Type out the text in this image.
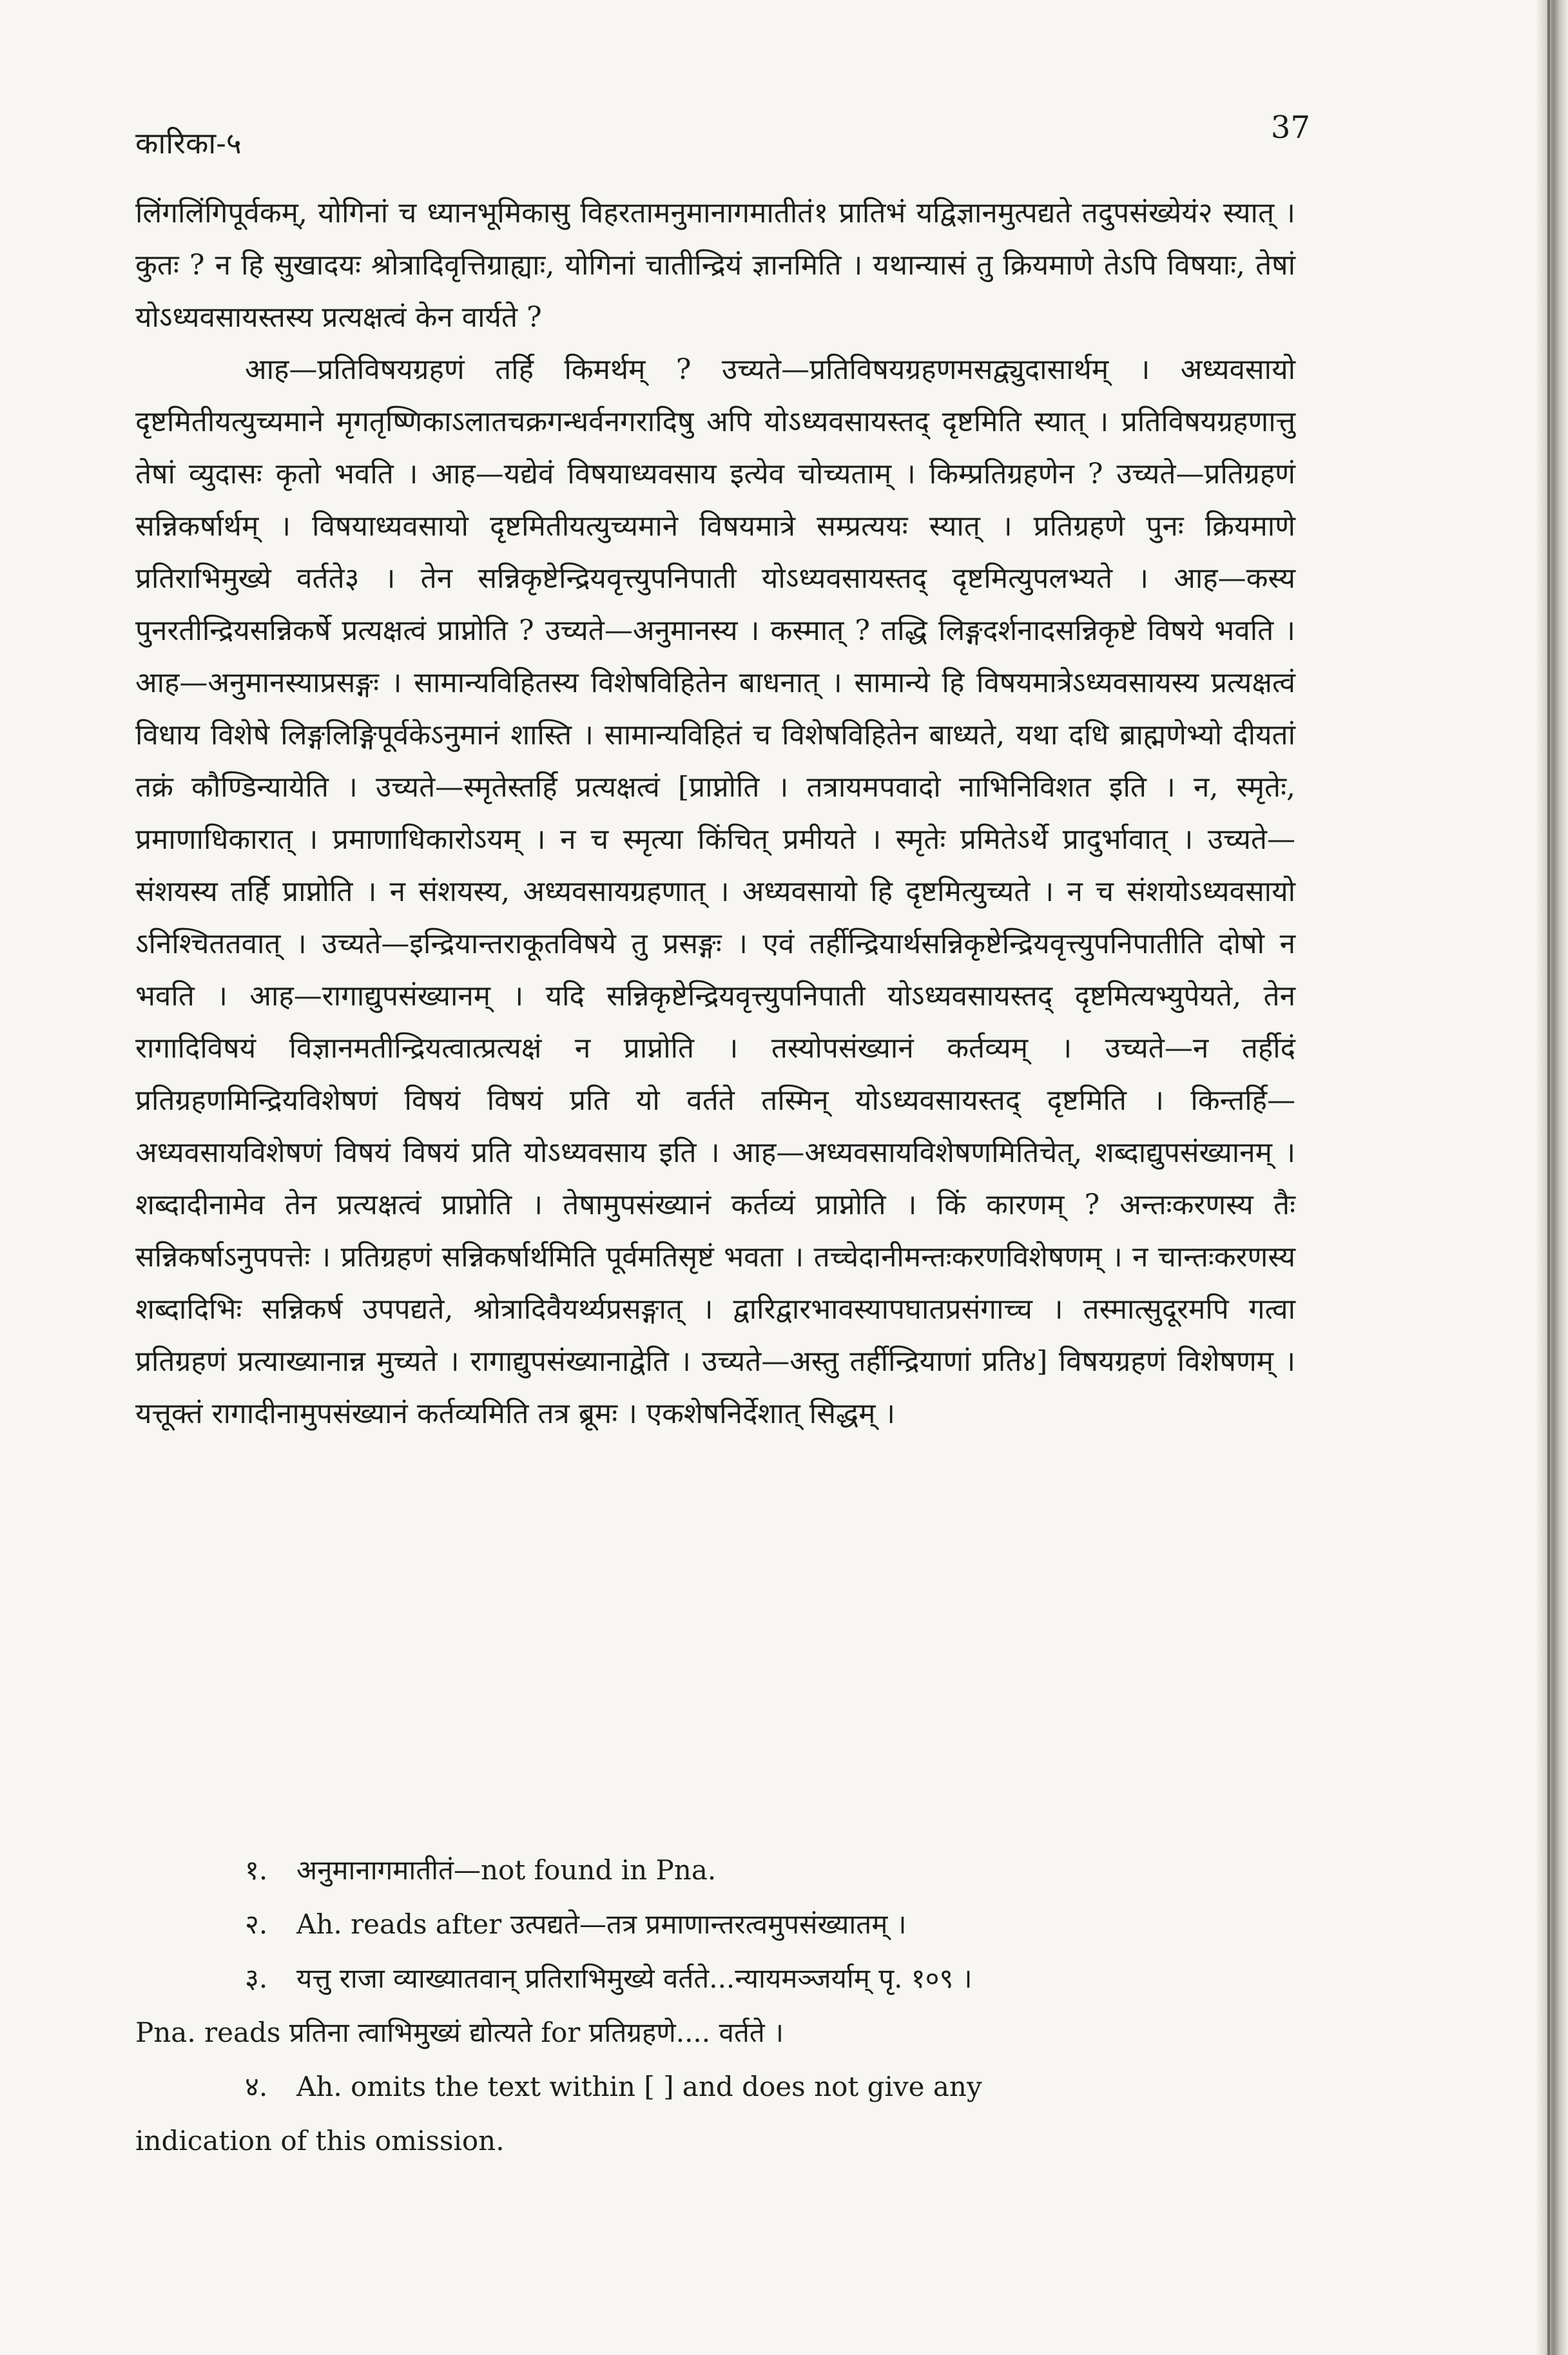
कारिका-५	37

लिंगलिंगिपूर्वकम्, योगिनां च ध्यानभूमिकासु विहरतामनुमानागमातीतं१ प्रातिभं यद्विज्ञानमुत्पद्यते तदुपसंख्येयं२ स्यात् । कुतः ? न हि सुखादयः श्रोत्रादिवृत्तिग्राह्याः, योगिनां चातीन्द्रियं ज्ञानमिति । यथान्यासं तु क्रियमाणे तेऽपि विषयाः, तेषां योऽध्यवसायस्तस्य प्रत्यक्षत्वं केन वार्यते ?

आह—प्रतिविषयग्रहणं तर्हि किमर्थम् ? उच्यते—प्रतिविषयग्रहणमसद्व्युदासार्थम् । अध्यवसायो दृष्टमितीयत्युच्यमाने मृगतृष्णिकाऽलातचक्रगन्धर्वनगरादिषु अपि योऽध्यवसायस्तद् दृष्टमिति स्यात् । प्रतिविषयग्रहणात्तु तेषां व्युदासः कृतो भवति । आह—यद्येवं विषयाध्यवसाय इत्येव चोच्यताम् । किम्प्रतिग्रहणेन ? उच्यते—प्रतिग्रहणं सन्निकर्षार्थम् । विषयाध्यवसायो दृष्टमितीयत्युच्यमाने विषयमात्रे सम्प्रत्ययः स्यात् । प्रतिग्रहणे पुनः क्रियमाणे प्रतिराभिमुख्ये वर्तते३ । तेन सन्निकृष्टेन्द्रियवृत्त्युपनिपाती योऽध्यवसायस्तद् दृष्टमित्युपलभ्यते । आह—कस्य पुनरतीन्द्रियसन्निकर्षे प्रत्यक्षत्वं प्राप्नोति ? उच्यते—अनुमानस्य । कस्मात् ? तद्धि लिङ्गदर्शनादसन्निकृष्टे विषये भवति । आह—अनुमानस्याप्रसङ्गः । सामान्यविहितस्य विशेषविहितेन बाधनात् । सामान्ये हि विषयमात्रेऽध्यवसायस्य प्रत्यक्षत्वं विधाय विशेषे लिङ्गलिङ्गिपूर्वकेऽनुमानं शास्ति । सामान्यविहितं च विशेषविहितेन बाध्यते, यथा दधि ब्राह्मणेभ्यो दीयतां तक्रं कौण्डिन्यायेति । उच्यते—स्मृतेस्तर्हि प्रत्यक्षत्वं [प्राप्नोति । तत्रायमपवादो नाभिनिविशत इति । न, स्मृतेः, प्रमाणाधिकारात् । प्रमाणाधिकारोऽयम् । न च स्मृत्या किंचित् प्रमीयते । स्मृतेः प्रमितेऽर्थे प्रादुर्भावात् । उच्यते—संशयस्य तर्हि प्राप्नोति । न संशयस्य, अध्यवसायग्रहणात् । अध्यवसायो हि दृष्टमित्युच्यते । न च संशयोऽध्यवसायो ऽनिश्चिततवात् । उच्यते—इन्द्रियान्तराकूतविषये तु प्रसङ्गः । एवं तर्हीन्द्रियार्थसन्निकृष्टेन्द्रियवृत्त्युपनिपातीति दोषो न भवति । आह—रागाद्युपसंख्यानम् । यदि सन्निकृष्टेन्द्रियवृत्त्युपनिपाती योऽध्यवसायस्तद् दृष्टमित्यभ्युपेयते, तेन रागादिविषयं विज्ञानमतीन्द्रियत्वात्प्रत्यक्षं न प्राप्नोति । तस्योपसंख्यानं कर्तव्यम् । उच्यते—न तर्हीदं प्रतिग्रहणमिन्द्रियविशेषणं विषयं विषयं प्रति यो वर्तते तस्मिन् योऽध्यवसायस्तद् दृष्टमिति । किन्तर्हि—अध्यवसायविशेषणं विषयं विषयं प्रति योऽध्यवसाय इति । आह—अध्यवसायविशेषणमितिचेत्, शब्दाद्युपसंख्यानम् । शब्दादीनामेव तेन प्रत्यक्षत्वं प्राप्नोति । तेषामुपसंख्यानं कर्तव्यं प्राप्नोति । किं कारणम् ? अन्तःकरणस्य तैः सन्निकर्षाऽनुपपत्तेः । प्रतिग्रहणं सन्निकर्षार्थमिति पूर्वमतिसृष्टं भवता । तच्चेदानीमन्तःकरणविशेषणम् । न चान्तःकरणस्य शब्दादिभिः सन्निकर्ष उपपद्यते, श्रोत्रादिवैयर्थ्यप्रसङ्गात् । द्वारिद्वारभावस्यापघातप्रसंगाच्च । तस्मात्सुदूरमपि गत्वा प्रतिग्रहणं प्रत्याख्यानान्न मुच्यते । रागाद्युपसंख्यानाद्वेति । उच्यते—अस्तु तर्हीन्द्रियाणां प्रति४] विषयग्रहणं विशेषणम् । यत्तूक्तं रागादीनामुपसंख्यानं कर्तव्यमिति तत्र ब्रूमः । एकशेषनिर्देशात् सिद्धम् ।

१. अनुमानागमातीतं—not found in Pna.

२. Ah. reads after उत्पद्यते—तत्र प्रमाणान्तरत्वमुपसंख्यातम् ।

३. यत्तु राजा व्याख्यातवान् प्रतिराभिमुख्ये वर्तते...न्यायमञ्जर्याम् पृ. १०९ ।

Pna. reads प्रतिना त्वाभिमुख्यं द्योत्यते for प्रतिग्रहणे.... वर्तते ।

४. Ah. omits the text within [ ] and does not give any

indication of this omission.
